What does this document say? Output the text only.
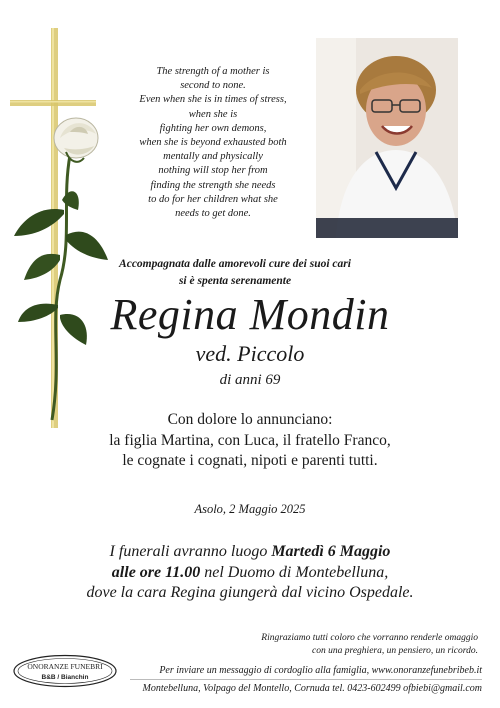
The strength of a mother is
second to none.
Even when she is in times of stress,
when she is
fighting her own demons,
when she is beyond exhausted both
mentally and physically
nothing will stop her from
finding the strength she needs
to do for her children what she
needs to get done.
Accompagnata dalle amorevoli cure dei suoi cari
si è spenta serenamente
Regina Mondin
ved. Piccolo
di anni 69

Con dolore lo annunciano:

la figlia Martina, con Luca, il fratello Franco,

le cognate i cognati, nipoti e parenti tutti.

Asolo, 2 Maggio 2025

I funerali avranno luogo Martedì 6 Maggio

alle ore 11.00 nel Duomo di Montebelluna,

dove la cara Regina giungerà dal vicino Ospedale.

Ringraziamo tutti coloro che vorranno renderle omaggio
con una preghiera, un pensiero, un ricordo.
ONORANZE FUNEBRI
B&B / Bianchin
Per inviare un messaggio di cordoglio alla famiglia, www.onoranzefunebribeb.it
Montebelluna, Volpago del Montello, Cornuda tel. 0423-602499 ofbiebi@gmail.com
